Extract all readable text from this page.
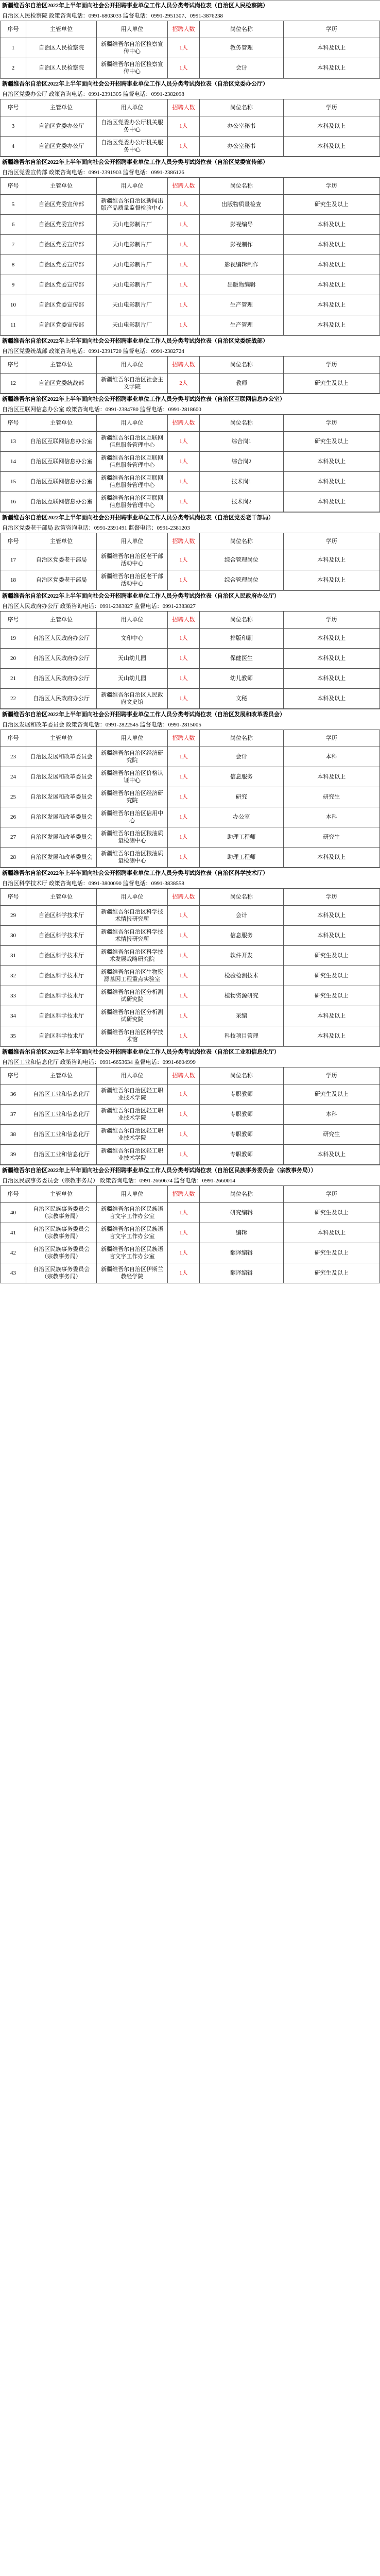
新疆维吾尔自治区2022年上半年面向社会公开招聘事业单位工作人员分类考试岗位表（自治区人民检察院）
自治区人民检察院 政策咨询电话：0991-6803033 监督电话：0991-2951307、0991-3876238
序号	主管单位	用人单位	招聘人数	岗位名称	学历
1	自治区人民检察院	新疆维吾尔自治区检察宣传中心	1人	教务管理	本科及以上
2	自治区人民检察院	新疆维吾尔自治区检察宣传中心	1人	会计	本科及以上
新疆维吾尔自治区2022年上半年面向社会公开招聘事业单位工作人员分类考试岗位表（自治区党委办公厅）
自治区党委办公厅 政策咨询电话：0991-2391305 监督电话：0991-2382098
序号	主管单位	用人单位	招聘人数	岗位名称	学历
3	自治区党委办公厅	自治区党委办公厅机关服务中心	1人	办公室秘书	本科及以上
4	自治区党委办公厅	自治区党委办公厅机关服务中心	1人	办公室秘书	本科及以上
新疆维吾尔自治区2022年上半年面向社会公开招聘事业单位工作人员分类考试岗位表（自治区党委宣传部）
自治区党委宣传部 政策咨询电话：0991-2391903 监督电话：0991-2386126
序号	主管单位	用人单位	招聘人数	岗位名称	学历
5	自治区党委宣传部	新疆维吾尔自治区新闻出版产品质量监督检验中心	1人	出版物质量检查	研究生及以上
6	自治区党委宣传部	天山电影制片厂	1人	影视编导	本科及以上
7	自治区党委宣传部	天山电影制片厂	1人	影视制作	本科及以上
8	自治区党委宣传部	天山电影制片厂	1人	影视编辑制作	本科及以上
9	自治区党委宣传部	天山电影制片厂	1人	出版物编辑	本科及以上
10	自治区党委宣传部	天山电影制片厂	1人	生产管理	本科及以上
11	自治区党委宣传部	天山电影制片厂	1人	生产管理	本科及以上
新疆维吾尔自治区2022年上半年面向社会公开招聘事业单位工作人员分类考试岗位表（自治区党委统战部）
自治区党委统战部 政策咨询电话：0991-2391720 监督电话：0991-2382724
序号	主管单位	用人单位	招聘人数	岗位名称	学历
12	自治区党委统战部	新疆维吾尔自治区社会主义学院	2人	教师	研究生及以上
新疆维吾尔自治区2022年上半年面向社会公开招聘事业单位工作人员分类考试岗位表（自治区互联网信息办公室）
自治区互联网信息办公室 政策咨询电话：0991-2384780 监督电话：0991-2818600
序号	主管单位	用人单位	招聘人数	岗位名称	学历
13	自治区互联网信息办公室	新疆维吾尔自治区互联网信息服务管理中心	1人	综合岗1	研究生及以上
14	自治区互联网信息办公室	新疆维吾尔自治区互联网信息服务管理中心	1人	综合岗2	本科及以上
15	自治区互联网信息办公室	新疆维吾尔自治区互联网信息服务管理中心	1人	技术岗1	本科及以上
16	自治区互联网信息办公室	新疆维吾尔自治区互联网信息服务管理中心	1人	技术岗2	本科及以上
新疆维吾尔自治区2022年上半年面向社会公开招聘事业单位工作人员分类考试岗位表（自治区党委老干部局）
自治区党委老干部局 政策咨询电话：0991-2391491 监督电话：0991-2381203
序号	主管单位	用人单位	招聘人数	岗位名称	学历
17	自治区党委老干部局	新疆维吾尔自治区老干部活动中心	1人	综合管理岗位	本科及以上
18	自治区党委老干部局	新疆维吾尔自治区老干部活动中心	1人	综合管理岗位	本科及以上
新疆维吾尔自治区2022年上半年面向社会公开招聘事业单位工作人员分类考试岗位表（自治区人民政府办公厅）
自治区人民政府办公厅 政策咨询电话：0991-2383827 监督电话：0991-2383827
序号	主管单位	用人单位	招聘人数	岗位名称	学历
19	自治区人民政府办公厅	文印中心	1人	排版印刷	本科及以上
20	自治区人民政府办公厅	天山幼儿园	1人	保健医生	本科及以上
21	自治区人民政府办公厅	天山幼儿园	1人	幼儿教师	本科及以上
22	自治区人民政府办公厅	新疆维吾尔自治区人民政府文史馆	1人	文秘	本科及以上
新疆维吾尔自治区2022年上半年面向社会公开招聘事业单位工作人员分类考试岗位表（自治区发展和改革委员会）
自治区发展和改革委员会 政策咨询电话：0991-2822545 监督电话：0991-2815005
序号	主管单位	用人单位	招聘人数	岗位名称	学历
23	自治区发展和改革委员会	新疆维吾尔自治区经济研究院	1人	会计	本科
24	自治区发展和改革委员会	新疆维吾尔自治区价格认证中心	1人	信息服务	本科及以上
25	自治区发展和改革委员会	新疆维吾尔自治区经济研究院	1人	研究	研究生
26	自治区发展和改革委员会	新疆维吾尔自治区信用中心	1人	办公室	本科
27	自治区发展和改革委员会	新疆维吾尔自治区粮油质量检测中心	1人	助理工程师	研究生
28	自治区发展和改革委员会	新疆维吾尔自治区粮油质量检测中心	1人	助理工程师	本科及以上
新疆维吾尔自治区2022年上半年面向社会公开招聘事业单位工作人员分类考试岗位表（自治区科学技术厅）
自治区科学技术厅 政策咨询电话：0991-3800090 监督电话：0991-3838558
序号	主管单位	用人单位	招聘人数	岗位名称	学历
29	自治区科学技术厅	新疆维吾尔自治区科学技术情报研究所	1人	会计	本科及以上
30	自治区科学技术厅	新疆维吾尔自治区科学技术情报研究所	1人	信息服务	本科及以上
31	自治区科学技术厅	新疆维吾尔自治区科学技术发展战略研究院	1人	软件开发	研究生及以上
32	自治区科学技术厅	新疆维吾尔自治区生物资源基因工程重点实验室	1人	检验检测技术	研究生及以上
33	自治区科学技术厅	新疆维吾尔自治区分析测试研究院	1人	植物资源研究	研究生及以上
34	自治区科学技术厅	新疆维吾尔自治区分析测试研究院	1人	采编	本科及以上
35	自治区科学技术厅	新疆维吾尔自治区科学技术馆	1人	科技项目管理	本科及以上
新疆维吾尔自治区2022年上半年面向社会公开招聘事业单位工作人员分类考试岗位表（自治区工业和信息化厅）
自治区工业和信息化厅 政策咨询电话：0991-6653634 监督电话：0991-6604999
序号	主管单位	用人单位	招聘人数	岗位名称	学历
36	自治区工业和信息化厅	新疆维吾尔自治区轻工职业技术学院	1人	专职教师	研究生及以上
37	自治区工业和信息化厅	新疆维吾尔自治区轻工职业技术学院	1人	专职教师	本科
38	自治区工业和信息化厅	新疆维吾尔自治区轻工职业技术学院	1人	专职教师	研究生
39	自治区工业和信息化厅	新疆维吾尔自治区轻工职业技术学院	1人	专职教师	本科及以上
新疆维吾尔自治区2022年上半年面向社会公开招聘事业单位工作人员分类考试岗位表（自治区民族事务委员会（宗教事务局））
自治区民族事务委员会（宗教事务局） 政策咨询电话：0991-2660674 监督电话：0991-2660014
序号	主管单位	用人单位	招聘人数	岗位名称	学历
40	自治区民族事务委员会（宗教事务局）	新疆维吾尔自治区民族语言文字工作办公室	1人	研究编辑	研究生及以上
41	自治区民族事务委员会（宗教事务局）	新疆维吾尔自治区民族语言文字工作办公室	1人	编辑	本科及以上
42	自治区民族事务委员会（宗教事务局）	新疆维吾尔自治区民族语言文字工作办公室	1人	翻译编辑	研究生及以上
43	自治区民族事务委员会（宗教事务局）	新疆维吾尔自治区伊斯兰教经学院	1人	翻译编辑	研究生及以上
